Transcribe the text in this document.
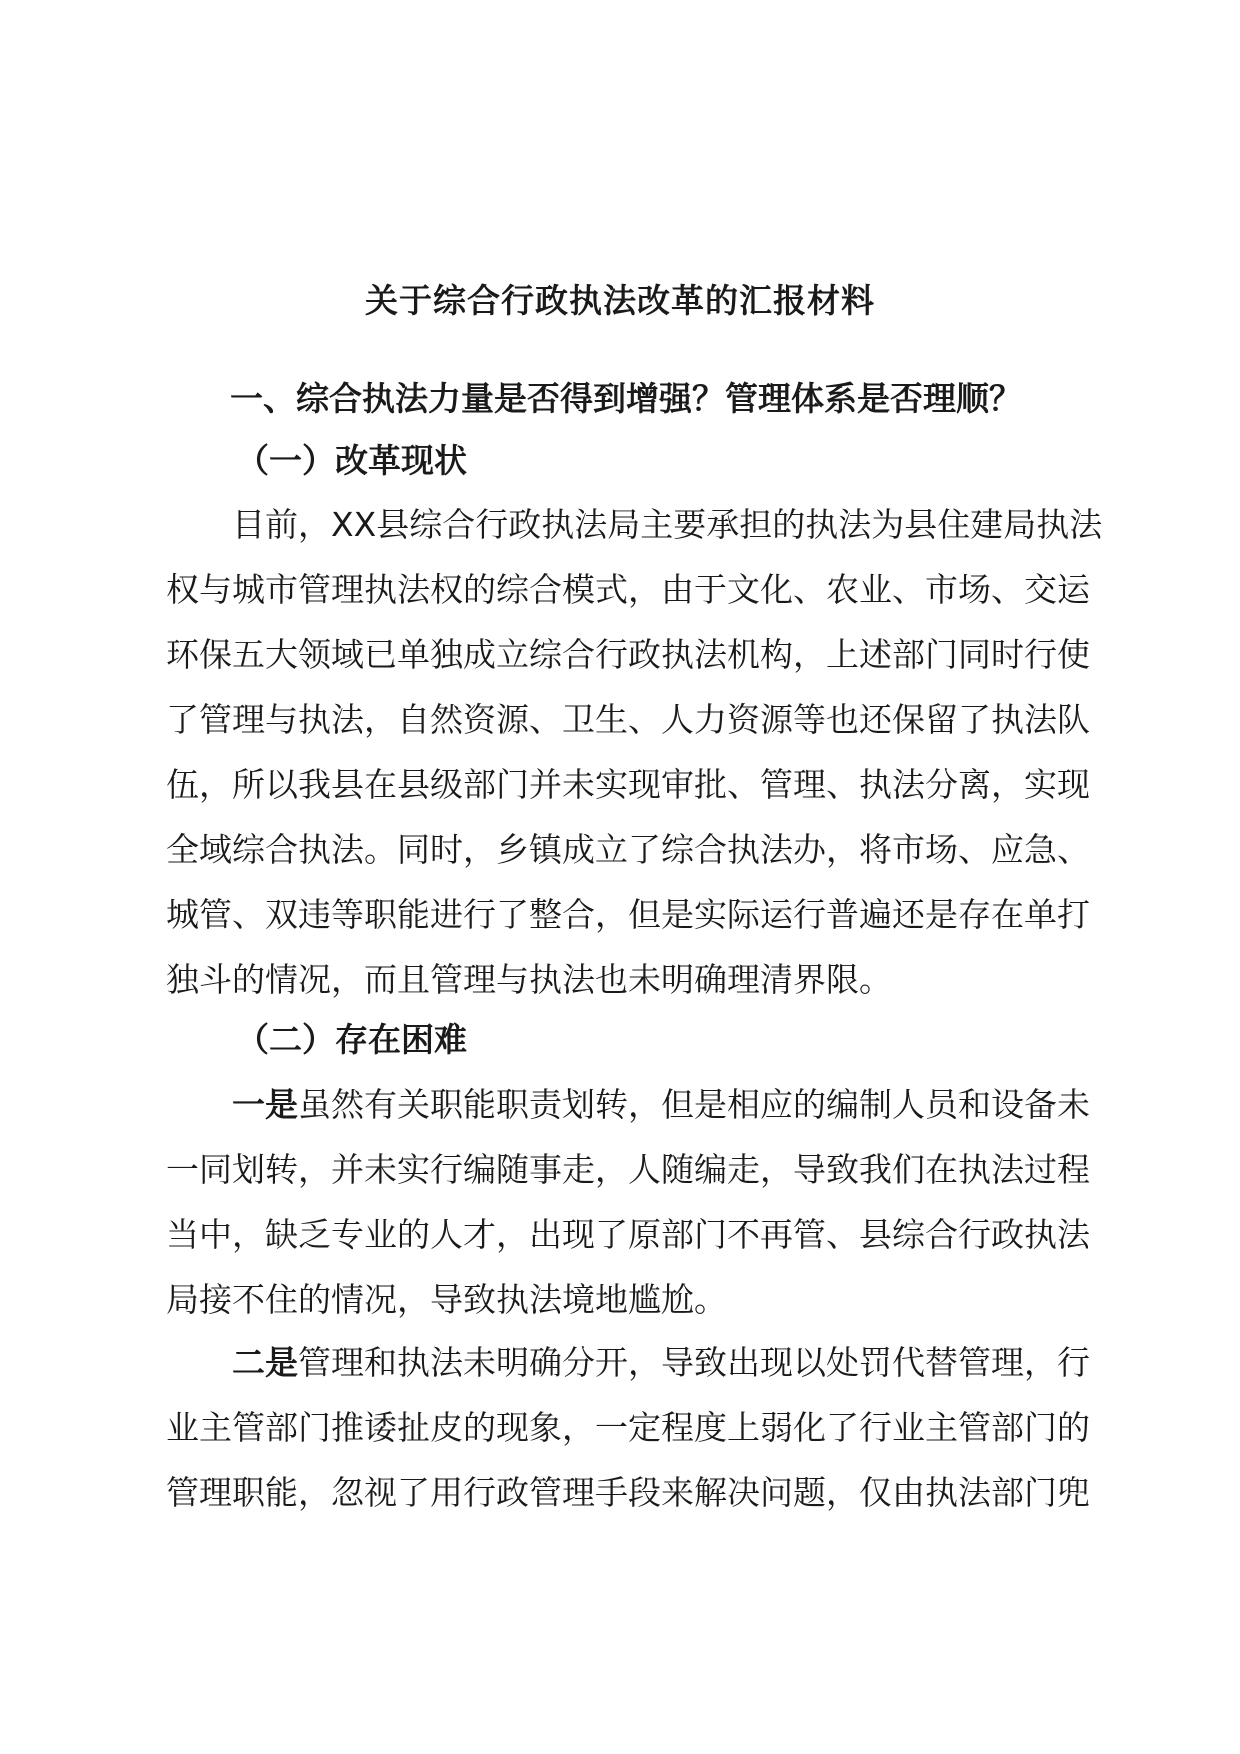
关于综合行政执法改革的汇报材料
一、综合执法力量是否得到增强？管理体系是否理顺？
（一）改革现状
目前，XX县综合行政执法局主要承担的执法为县住建局执法
权与城市管理执法权的综合模式，由于文化、农业、市场、交运
环保五大领域已单独成立综合行政执法机构，上述部门同时行使
了管理与执法，自然资源、卫生、人力资源等也还保留了执法队
伍，所以我县在县级部门并未实现审批、管理、执法分离，实现
全域综合执法。同时，乡镇成立了综合执法办，将市场、应急、
城管、双违等职能进行了整合，但是实际运行普遍还是存在单打
独斗的情况，而且管理与执法也未明确理清界限。
（二）存在困难
一是虽然有关职能职责划转，但是相应的编制人员和设备未
一同划转，并未实行编随事走，人随编走，导致我们在执法过程
当中，缺乏专业的人才，出现了原部门不再管、县综合行政执法
局接不住的情况，导致执法境地尴尬。
二是管理和执法未明确分开，导致出现以处罚代替管理，行
业主管部门推诿扯皮的现象，一定程度上弱化了行业主管部门的
管理职能，忽视了用行政管理手段来解决问题，仅由执法部门兜
